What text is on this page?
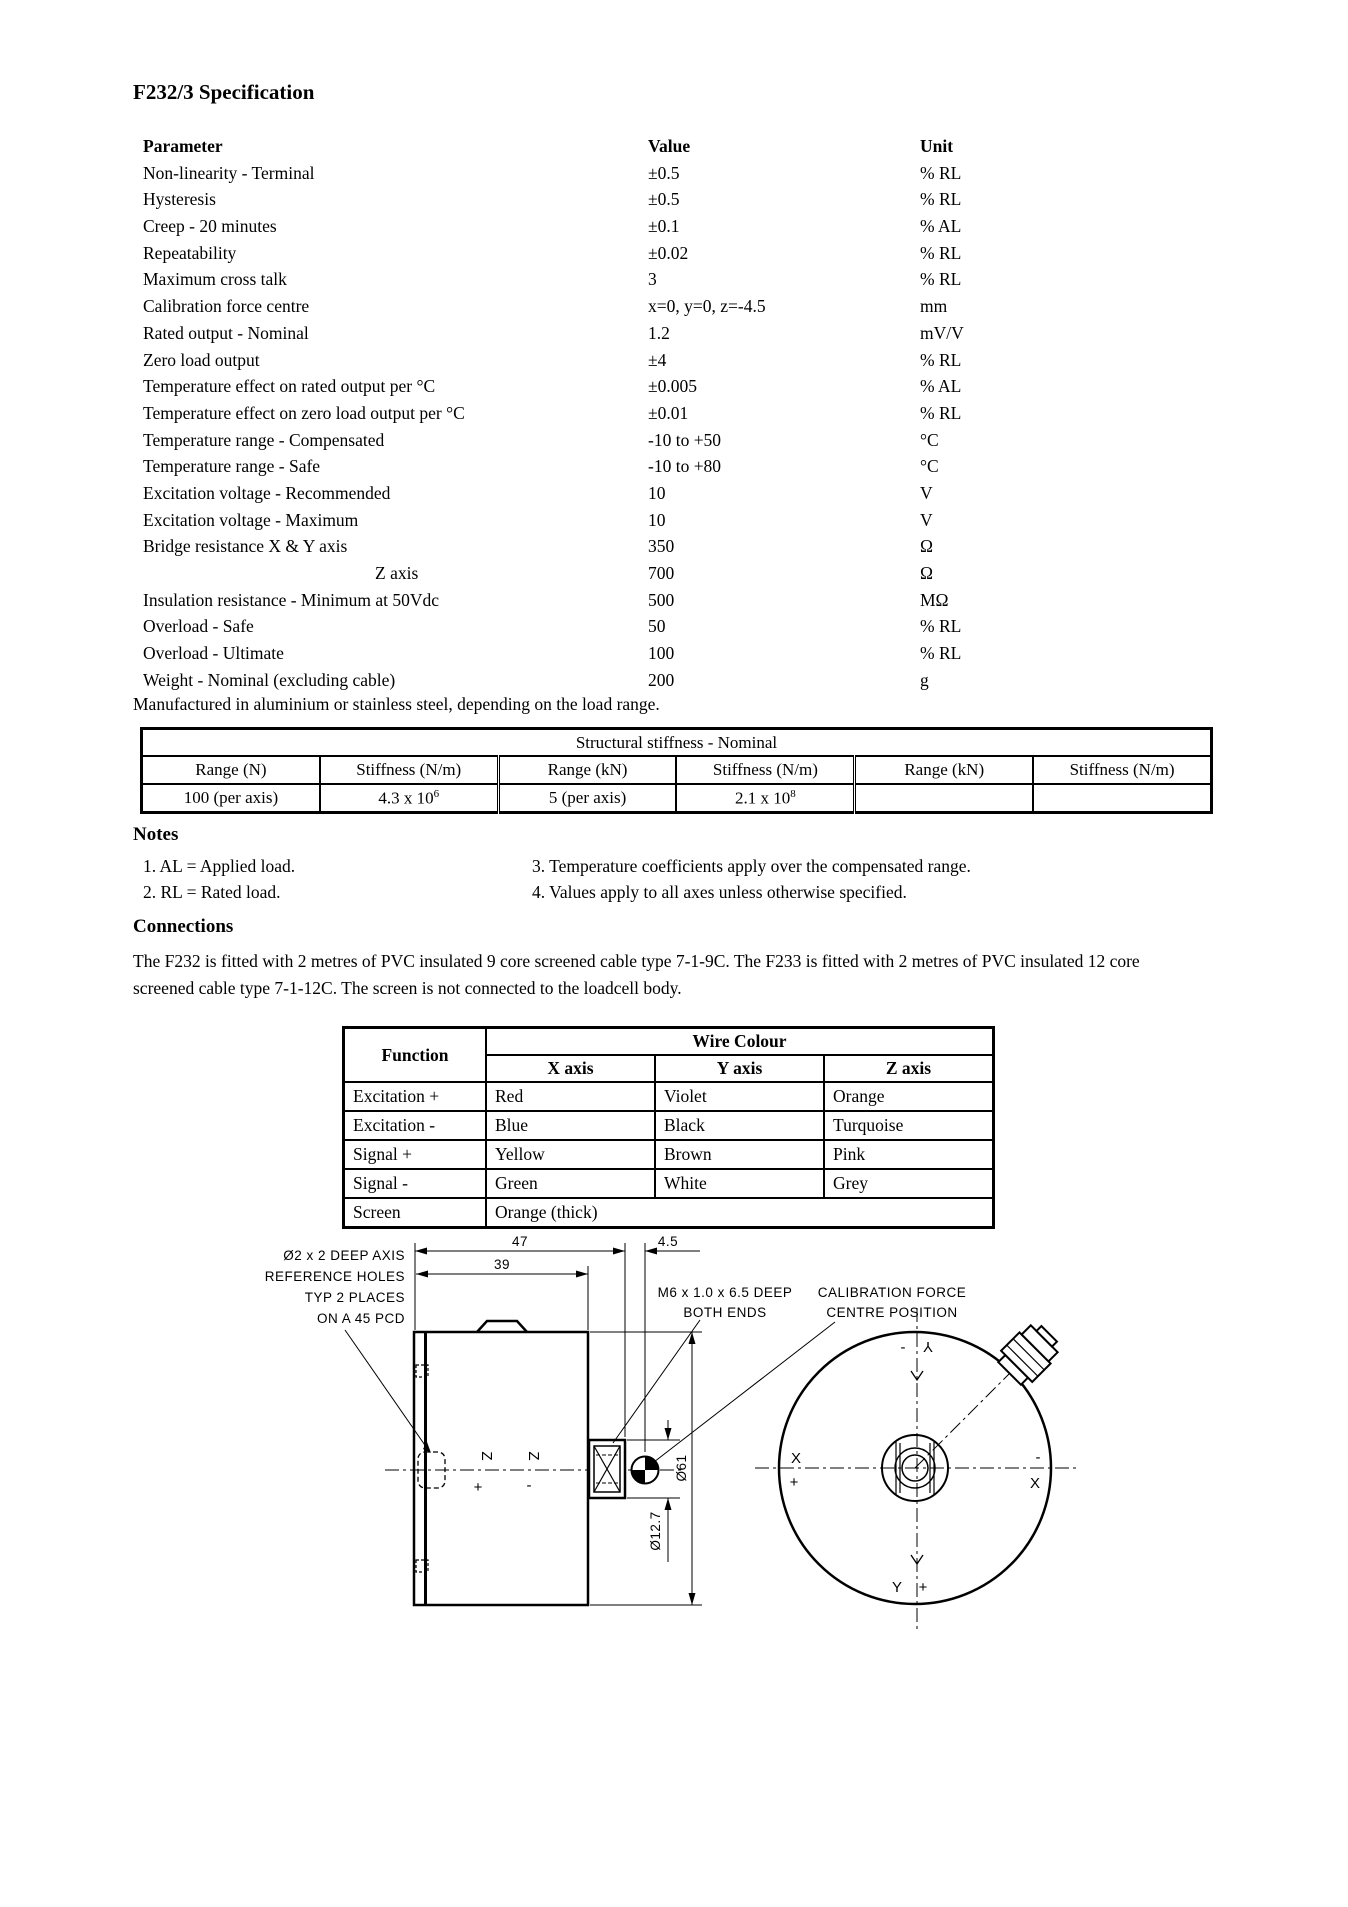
F232/3 Specification
Parameter	Value	Unit
Non-linearity - Terminal	±0.5	% RL
Hysteresis	±0.5	% RL
Creep - 20 minutes	±0.1	% AL
Repeatability	±0.02	% RL
Maximum cross talk	3	% RL
Calibration force centre	x=0, y=0, z=-4.5	mm
Rated output - Nominal	1.2	mV/V
Zero load output	±4	% RL
Temperature effect on rated output per °C	±0.005	% AL
Temperature effect on zero load output per °C	±0.01	% RL
Temperature range - Compensated	-10 to +50	°C
Temperature range - Safe	-10 to +80	°C
Excitation voltage - Recommended	10	V
Excitation voltage - Maximum	10	V
Bridge resistance X & Y axis	350	Ω
Z axis	700	Ω
Insulation resistance - Minimum at 50Vdc	500	MΩ
Overload - Safe	50	% RL
Overload - Ultimate	100	% RL
Weight - Nominal (excluding cable)	200	g
Manufactured in aluminium or stainless steel, depending on the load range.
Structural stiffness - Nominal					
Range (N)	Stiffness (N/m)	Range (kN)	Stiffness (N/m)	Range (kN)	Stiffness (N/m)
100 (per axis)	4.3 x $10^6$	5 (per axis)	2.1 x $10^8$		
Notes
1. AL = Applied load.
2. RL = Rated load.
3. Temperature coefficients apply over the compensated range.
4. Values apply to all axes unless otherwise specified.
Connections
The F232 is fitted with 2 metres of PVC insulated 9 core screened cable type 7-1-9C. The F233 is fitted with 2 metres of PVC insulated 12 core screened cable type 7-1-12C. The screen is not connected to the loadcell body.
Function	Wire Colour		
	X axis	Y axis	Z axis
Excitation +	Red	Violet	Orange
Excitation -	Blue	Black	Turquoise
Signal +	Yellow	Brown	Pink
Signal -	Green	White	Grey
Screen	Orange (thick)		
Ø2 x 2 DEEP AXIS
REFERENCE HOLES
TYP 2 PLACES
ON A 45 PCD
47
39
4.5
M6 x 1.0 x 6.5 DEEP
BOTH ENDS
CALIBRATION FORCE
CENTRE POSITION
Ø61
Ø12.7
Z
+
Z
-
X
+
-
X
- Y
Y +
